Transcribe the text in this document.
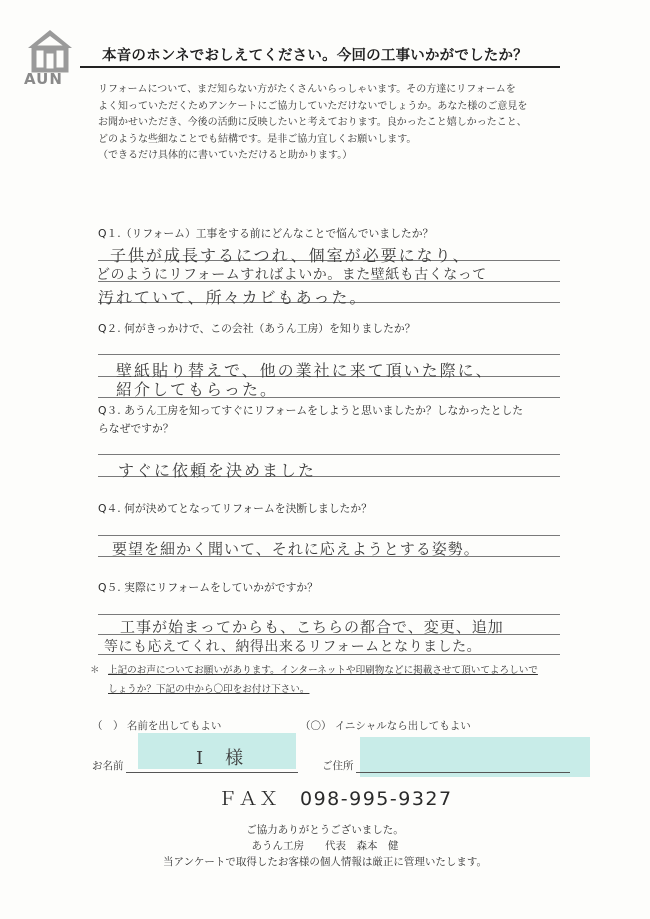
AUN
本音のホンネでおしえてください。今回の工事いかがでしたか？
リフォームについて、まだ知らない方がたくさんいらっしゃいます。その方達にリフォームを
よく知っていただくためアンケートにご協力していただけないでしょうか。あなた様のご意見を
お聞かせいただき、今後の活動に反映したいと考えております。良かったこと嬉しかったこと、
どのような些細なことでも結構です。是非ご協力宜しくお願いします。
（できるだけ具体的に書いていただけると助かります。）
Q１.（リフォーム）工事をする前にどんなことで悩んでいましたか？
子供が成長するにつれ、個室が必要になり、
どのようにリフォームすればよいか。また壁紙も古くなって
汚れていて、所々カビもあった。
Q２. 何がきっかけで、この会社（あうん工房）を知りましたか？
壁紙貼り替えで、他の業社に来て頂いた際に、
紹介してもらった。
Q３. あうん工房を知ってすぐにリフォームをしようと思いましたか？しなかったとした
らなぜですか？
すぐに依頼を決めました
Q４. 何が決めてとなってリフォームを決断しましたか？
要望を細かく聞いて、それに応えようとする姿勢。
Q５. 実際にリフォームをしていかがですか？
工事が始まってからも、こちらの都合で、変更、追加
等にも応えてくれ、納得出来るリフォームとなりました。
＊ 上記のお声についてお願いがあります。インターネットや印刷物などに掲載させて頂いてよろしいで
しょうか？下記の中から〇印をお付け下さい。
（　） 名前を出してもよい	（〇） イニシャルなら出してもよい
お名前	I　様	ご住所
ＦＡＸ　098-995-9327
ご協力ありがとうございました。
あうん工房　　代表　森本　健
当アンケートで取得したお客様の個人情報は厳正に管理いたします。
